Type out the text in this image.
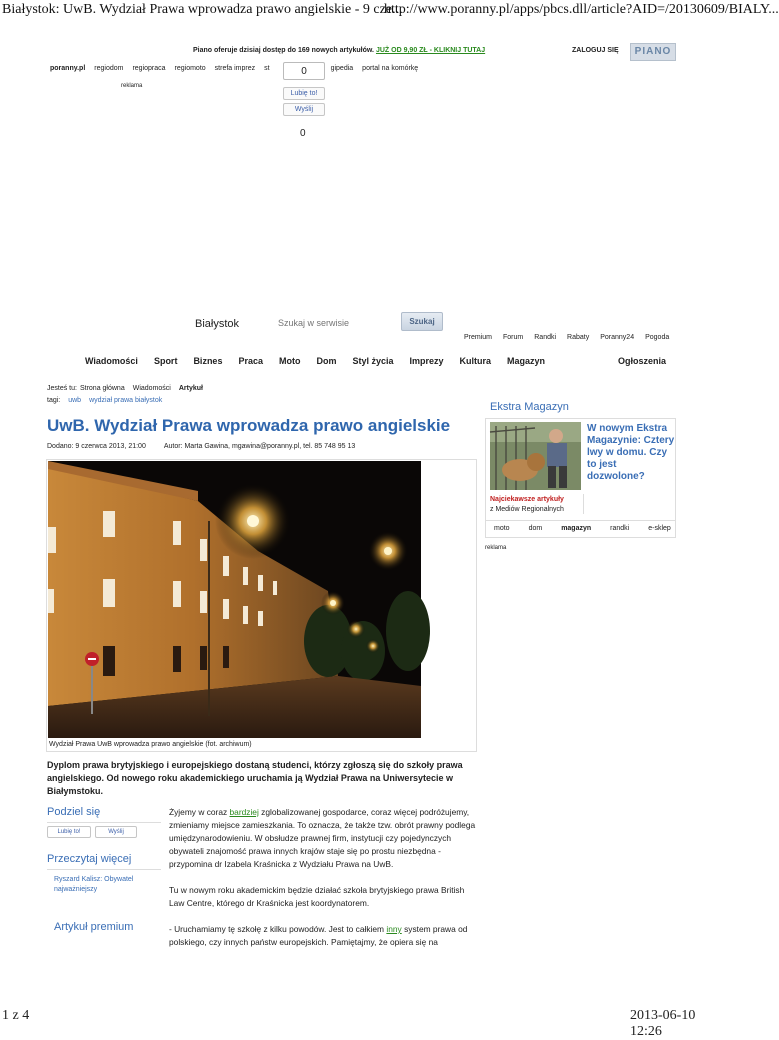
Białystok: UwB. Wydział Prawa wprowadza prawo angielskie - 9 cze...
http://www.poranny.pl/apps/pbcs.dll/article?AID=/20130609/BIALY...
Piano oferuje dzisiaj dostęp do 169 nowych artykułów. JUŻ OD 9,90 ZŁ - KLIKNIJ TUTAJ	ZALOGUJ SIĘ	PIANO
poranny.pl regiodom regiopraca regiomoto strefa imprez st	gipedia portal na komórkę
reklama
0
Lubię to!
Wyślij
0
Białystok
Szukaj w serwisie	Szukaj
Premium Forum Randki Rabaty Poranny24 Pogoda
Wiadomości Sport Biznes Praca Moto Dom Styl życia Imprezy Kultura Magazyn	Ogłoszenia
Jesteś tu: Strona główna Wiadomości Artykuł
tagi: uwb wydział prawa białystok
UwB. Wydział Prawa wprowadza prawo angielskie
Dodano: 9 czerwca 2013, 21:00	Autor: Marta Gawina, mgawina@poranny.pl, tel. 85 748 95 13
Wydział Prawa UwB wprowadza prawo angielskie (fot. archiwum)
Dyplom prawa brytyjskiego i europejskiego dostaną studenci, którzy zgłoszą się do szkoły prawa angielskiego. Od nowego roku akademickiego uruchamia ją Wydział Prawa na Uniwersytecie w Białymstoku.
Podziel się
Lubię to!	Wyślij
Przeczytaj więcej
Ryszard Kalisz: Obywatel najważniejszy
Artykuł premium

Żyjemy w coraz bardziej zglobalizowanej gospodarce, coraz więcej podróżujemy, zmieniamy miejsce zamieszkania. To oznacza, że także tzw. obrót prawny podlega umiędzynarodowieniu. W obsłudze prawnej firm, instytucji czy pojedynczych obywateli znajomość prawa innych krajów staje się po prostu niezbędna - przypomina dr Izabela Kraśnicka z Wydziału Prawa na UwB.

Tu w nowym roku akademickim będzie działać szkoła brytyjskiego prawa British Law Centre, którego dr Kraśnicka jest koordynatorem.

- Uruchamiamy tę szkołę z kilku powodów. Jest to całkiem inny system prawa od polskiego, czy innych państw europejskich. Pamiętajmy, że opiera się na

Ekstra Magazyn
W nowym Ekstra Magazynie: Cztery lwy w domu. Czy to jest dozwolone?
Najciekawsze artykuły
z Mediów Regionalnych
moto	dom	magazyn	randki	e-sklep
reklama
1 z 4	2013-06-10 12:26
